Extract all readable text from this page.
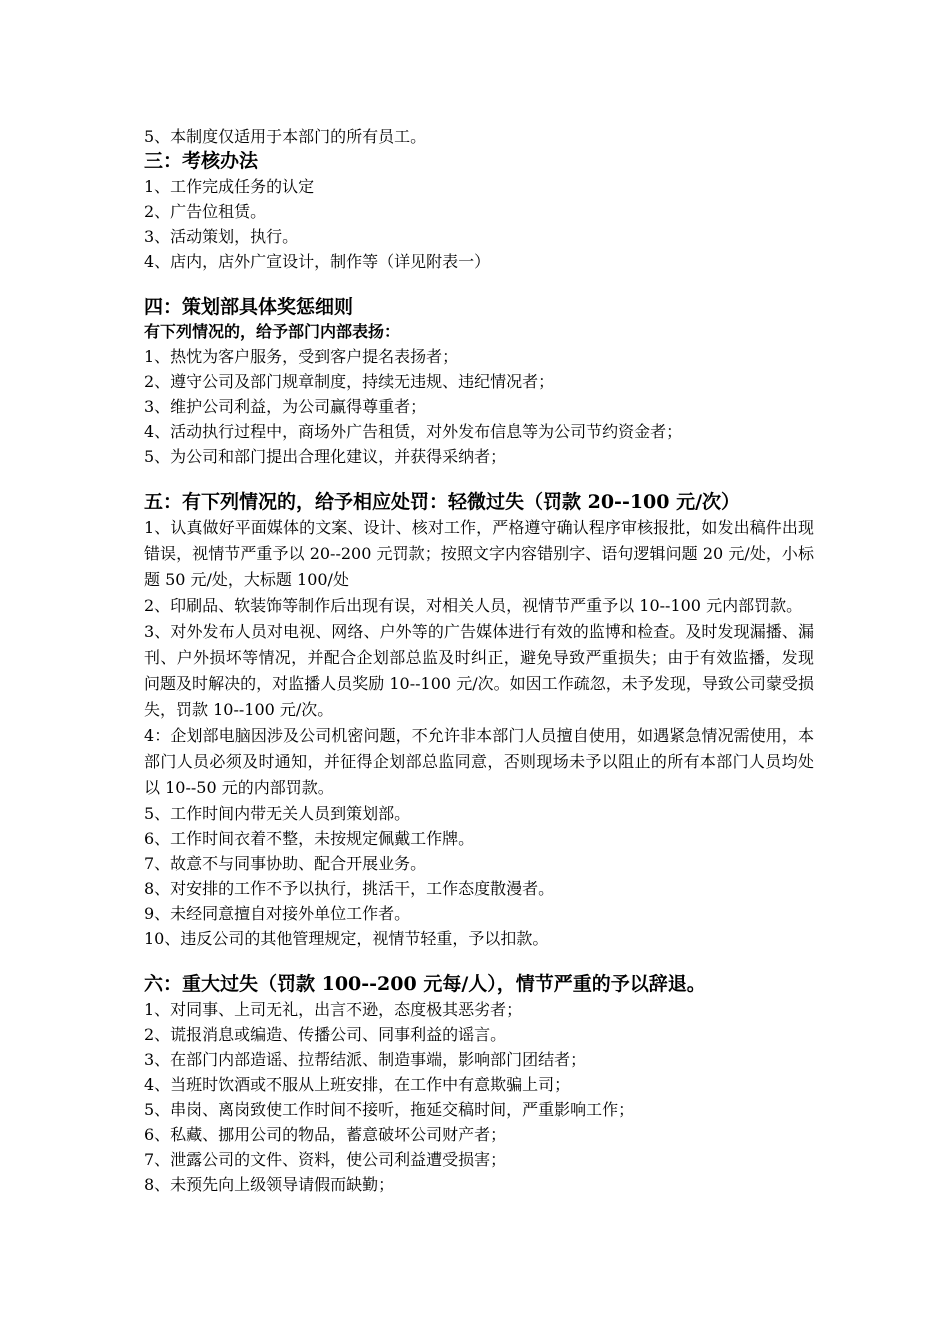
5、本制度仅适用于本部门的所有员工。
三：考核办法
1、工作完成任务的认定
2、广告位租赁。
3、活动策划，执行。
4、店内，店外广宣设计，制作等（详见附表一）
四：策划部具体奖惩细则
有下列情况的，给予部门内部表扬：
1、热忱为客户服务，受到客户提名表扬者；
2、遵守公司及部门规章制度，持续无违规、违纪情况者；
3、维护公司利益，为公司赢得尊重者；
4、活动执行过程中，商场外广告租赁，对外发布信息等为公司节约资金者；
5、为公司和部门提出合理化建议，并获得采纳者；
五：有下列情况的，给予相应处罚：轻微过失（罚款 20--100 元/次）

1、认真做好平面媒体的文案、设计、核对工作，严格遵守确认程序审核报批，如发出稿件出现错误，视情节严重予以 20--200 元罚款；按照文字内容错别字、语句逻辑问题 20 元/处，小标题 50 元/处，大标题 100/处

2、印刷品、软装饰等制作后出现有误，对相关人员，视情节严重予以 10--100 元内部罚款。

3、对外发布人员对电视、网络、户外等的广告媒体进行有效的监博和检查。及时发现漏播、漏刊、户外损坏等情况，并配合企划部总监及时纠正，避免导致严重损失；由于有效监播，发现问题及时解决的，对监播人员奖励 10--100 元/次。如因工作疏忽，未予发现，导致公司蒙受损失，罚款 10--100 元/次。

4：企划部电脑因涉及公司机密问题，不允许非本部门人员擅自使用，如遇紧急情况需使用，本部门人员必须及时通知，并征得企划部总监同意，否则现场未予以阻止的所有本部门人员均处以 10--50 元的内部罚款。

5、工作时间内带无关人员到策划部。
6、工作时间衣着不整，未按规定佩戴工作牌。
7、故意不与同事协助、配合开展业务。
8、对安排的工作不予以执行，挑活干，工作态度散漫者。
9、未经同意擅自对接外单位工作者。
10、违反公司的其他管理规定，视情节轻重，予以扣款。
六：重大过失（罚款 100--200 元每/人），情节严重的予以辞退。
1、对同事、上司无礼，出言不逊，态度极其恶劣者；
2、谎报消息或编造、传播公司、同事利益的谣言。
3、在部门内部造谣、拉帮结派、制造事端，影响部门团结者；
4、当班时饮酒或不服从上班安排，在工作中有意欺骗上司；
5、串岗、离岗致使工作时间不接听，拖延交稿时间，严重影响工作；
6、私藏、挪用公司的物品，蓄意破坏公司财产者；
7、泄露公司的文件、资料，使公司利益遭受损害；
8、未预先向上级领导请假而缺勤；
